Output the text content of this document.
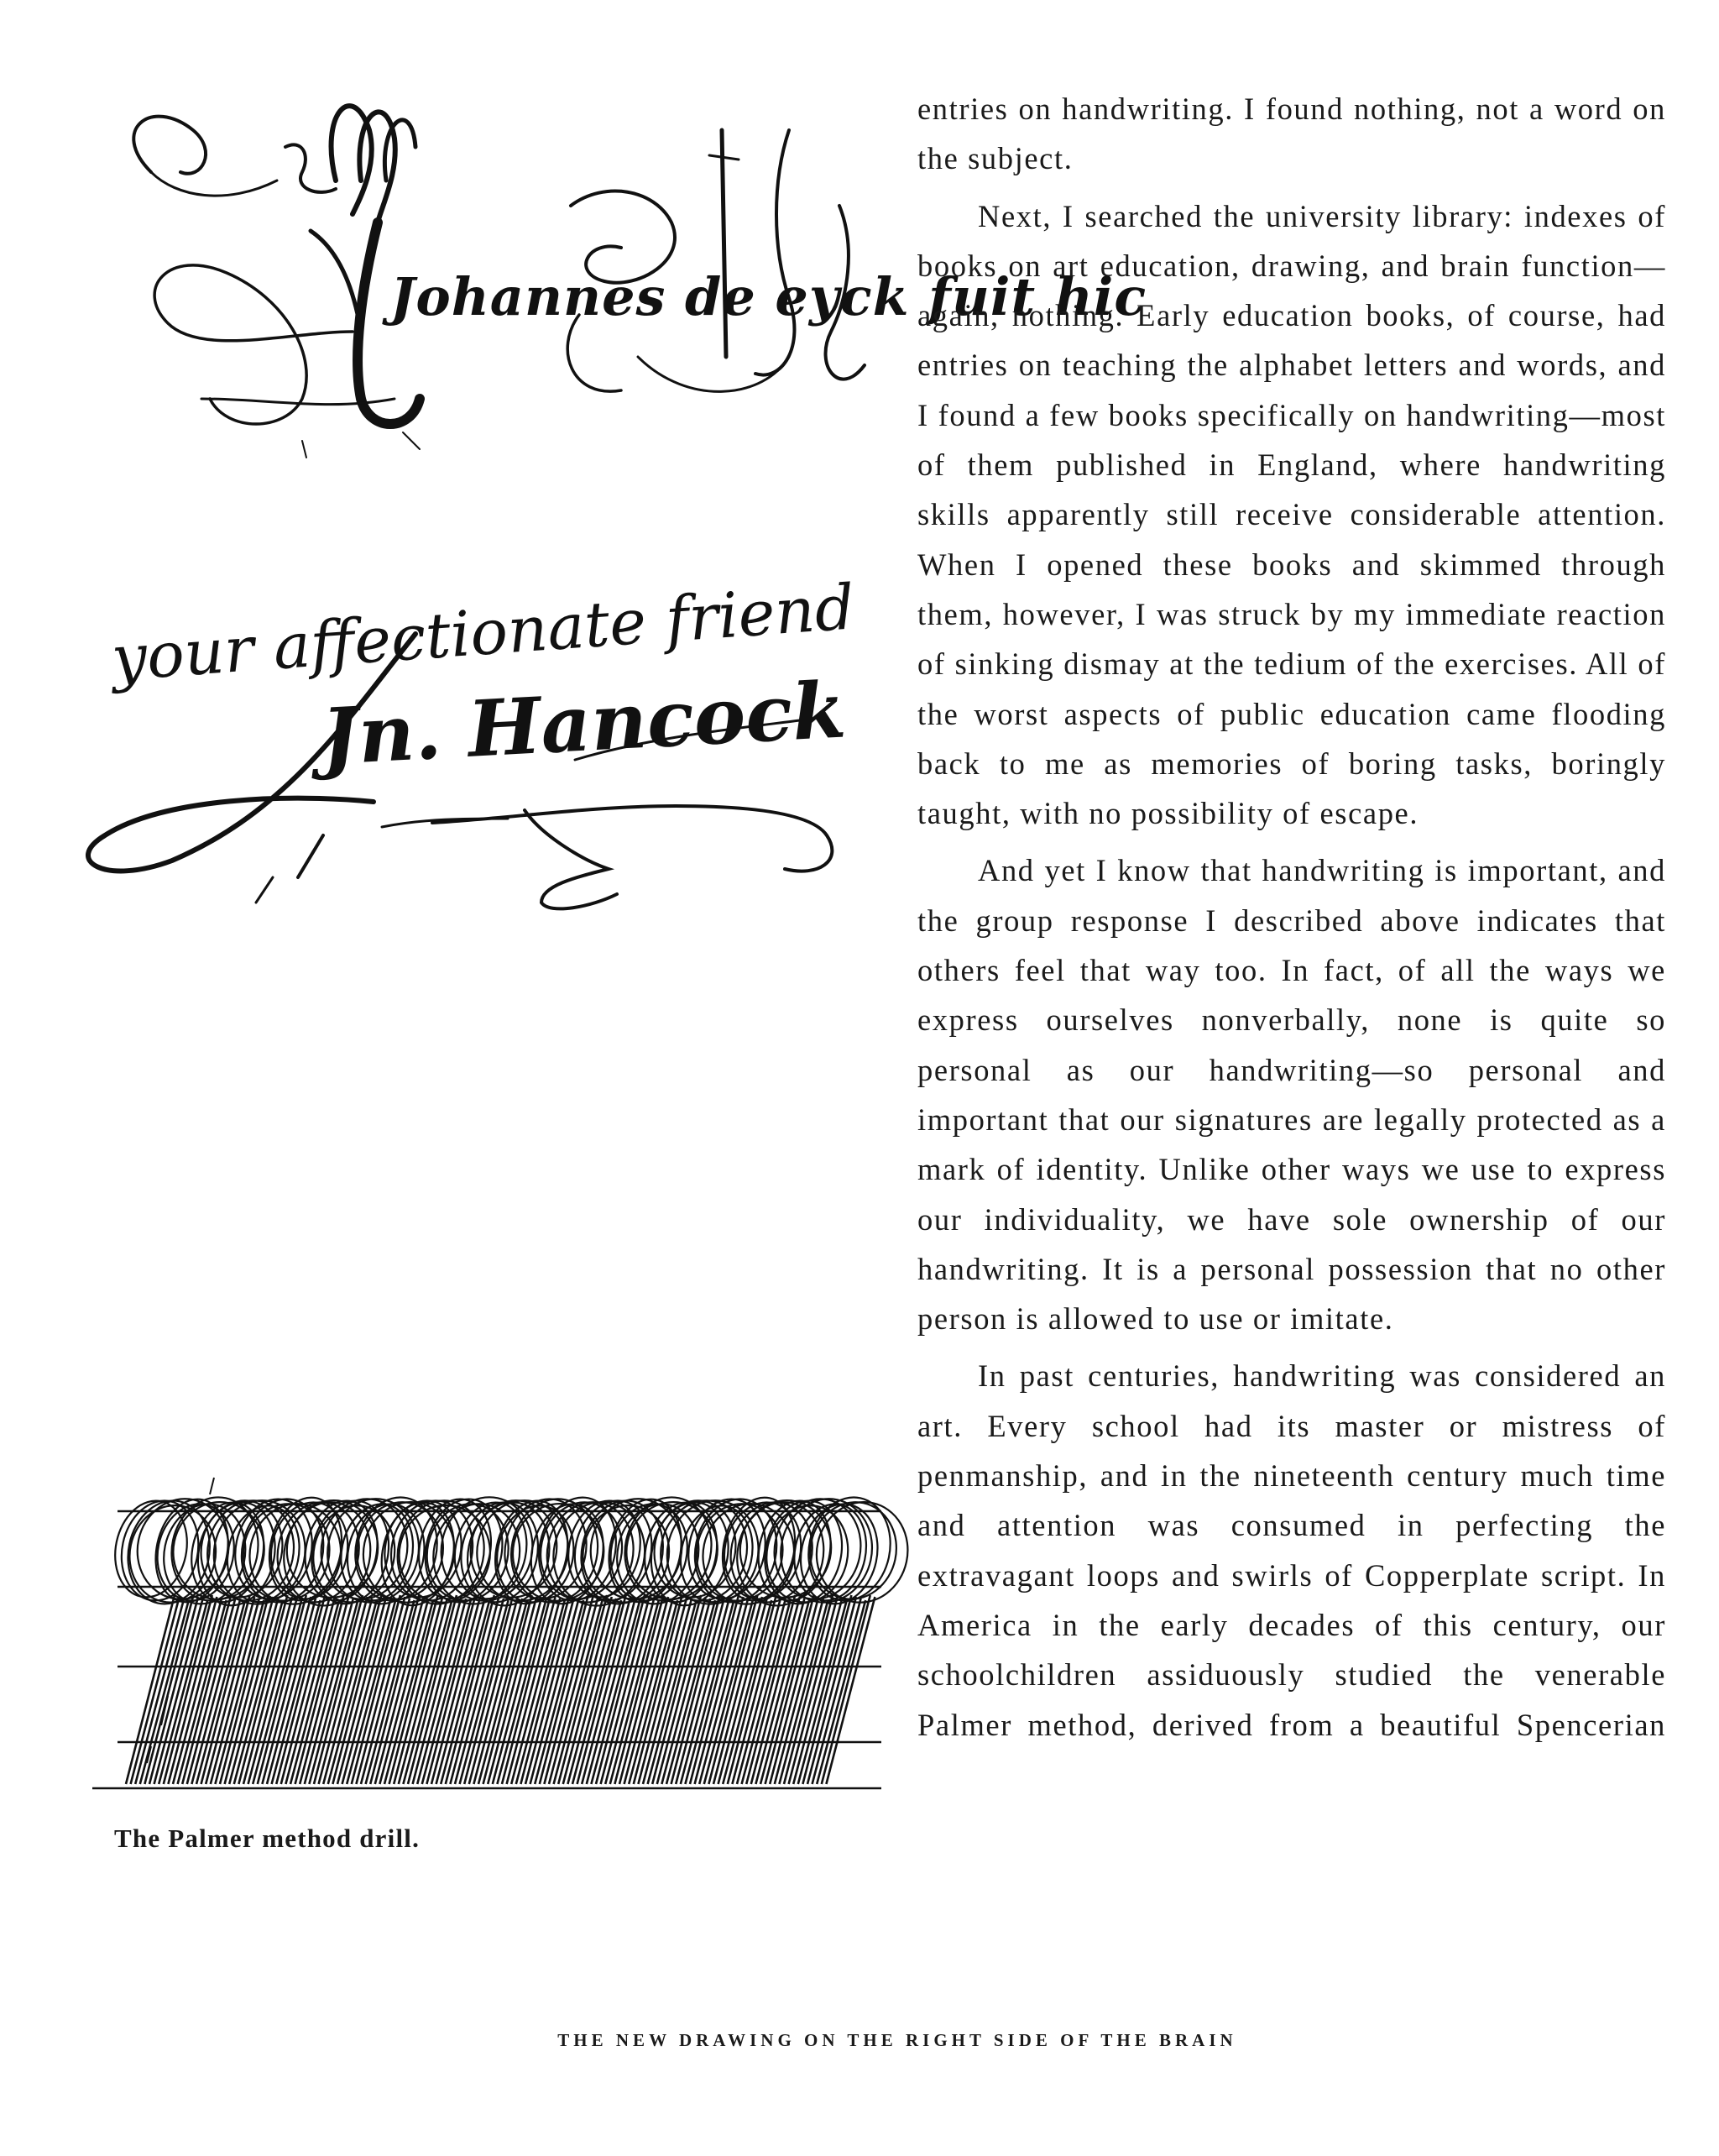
Johannes de eyck fuit hic
your affectionate friend
Jn. Hancock
The Palmer method drill.

entries on handwriting. I found nothing, not a word on the subject.

Next, I searched the university library: indexes of books on art education, drawing, and brain function—again, nothing. Early education books, of course, had entries on teaching the alphabet letters and words, and I found a few books specifically on handwriting—most of them published in England, where handwriting skills apparently still receive considerable attention. When I opened these books and skimmed through them, however, I was struck by my immediate reaction of sinking dismay at the tedium of the exercises. All of the worst aspects of public education came flooding back to me as memories of boring tasks, boringly taught, with no possibility of escape.

And yet I know that handwriting is important, and the group response I described above indicates that others feel that way too. In fact, of all the ways we express ourselves nonverbally, none is quite so personal as our handwriting—so personal and important that our signatures are legally protected as a mark of identity. Unlike other ways we use to express our individuality, we have sole ownership of our handwriting. It is a personal possession that no other person is allowed to use or imitate.

In past centuries, handwriting was considered an art. Every school had its master or mistress of penmanship, and in the nineteenth century much time and attention was consumed in perfecting the extravagant loops and swirls of Copperplate script. In America in the early decades of this century, our schoolchildren assiduously studied the venerable Palmer method, derived from a beautiful Spencerian

THE NEW DRAWING ON THE RIGHT SIDE OF THE BRAIN
